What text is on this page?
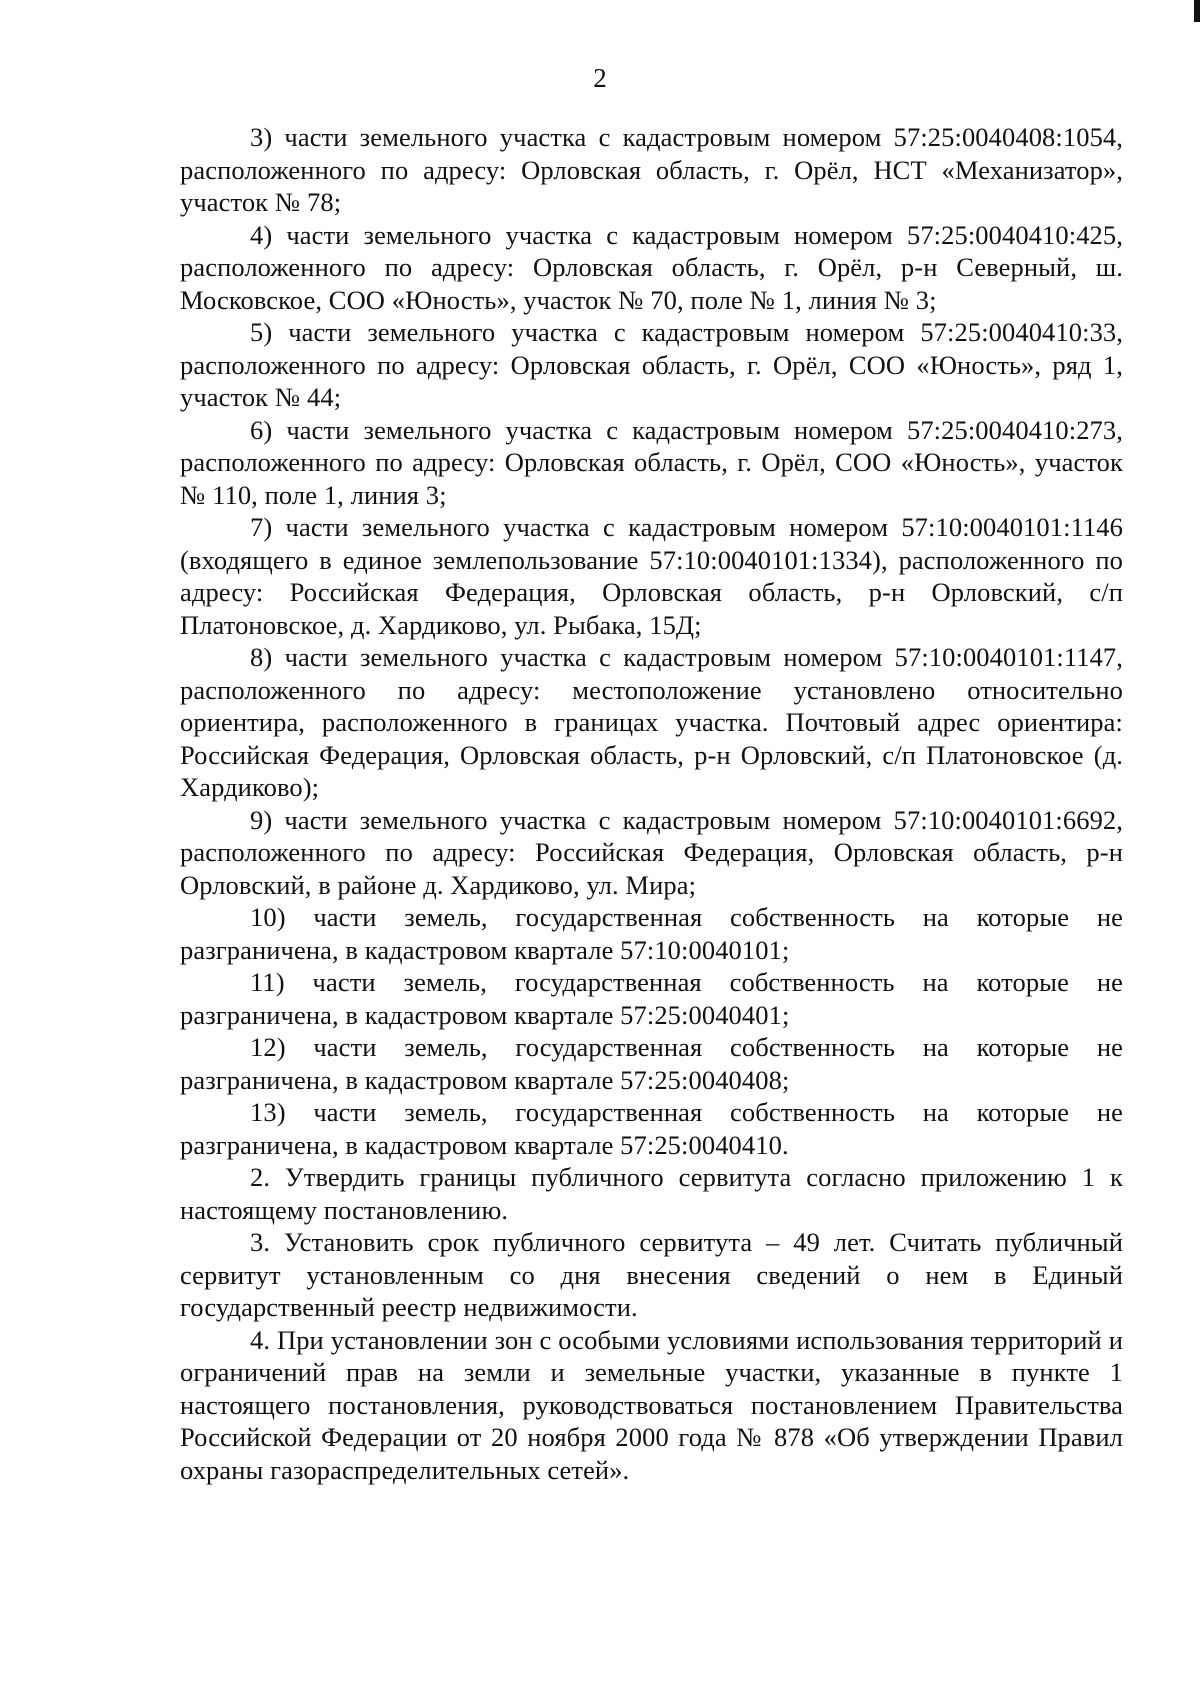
2

3) части земельного участка с кадастровым номером 57:25:0040408:1054, расположенного по адресу: Орловская область, г. Орёл, НСТ «Механизатор», участок № 78;

4) части земельного участка с кадастровым номером 57:25:0040410:425, расположенного по адресу: Орловская область, г. Орёл, р-н Северный, ш. Московское, СОО «Юность», участок № 70, поле № 1, линия № 3;

5) части земельного участка с кадастровым номером 57:25:0040410:33, расположенного по адресу: Орловская область, г. Орёл, СОО «Юность», ряд 1, участок № 44;

6) части земельного участка с кадастровым номером 57:25:0040410:273, расположенного по адресу: Орловская область, г. Орёл, СОО «Юность», участок № 110, поле 1, линия 3;

7) части земельного участка с кадастровым номером 57:10:0040101:1146 (входящего в единое землепользование 57:10:0040101:1334), расположенного по адресу: Российская Федерация, Орловская область, р-н Орловский, с/п Платоновское, д. Хардиково, ул. Рыбака, 15Д;

8) части земельного участка с кадастровым номером 57:10:0040101:1147, расположенного по адресу: местоположение установлено относительно ориентира, расположенного в границах участка. Почтовый адрес ориентира: Российская Федерация, Орловская область, р-н Орловский, с/п Платоновское (д. Хардиково);

9) части земельного участка с кадастровым номером 57:10:0040101:6692, расположенного по адресу: Российская Федерация, Орловская область, р-н Орловский, в районе д. Хардиково, ул. Мира;

10) части земель, государственная собственность на которые не разграничена, в кадастровом квартале 57:10:0040101;

11) части земель, государственная собственность на которые не разграничена, в кадастровом квартале 57:25:0040401;

12) части земель, государственная собственность на которые не разграничена, в кадастровом квартале 57:25:0040408;

13) части земель, государственная собственность на которые не разграничена, в кадастровом квартале 57:25:0040410.

2. Утвердить границы публичного сервитута согласно приложению 1 к настоящему постановлению.

3. Установить срок публичного сервитута – 49 лет. Считать публичный сервитут установленным со дня внесения сведений о нем в Единый государственный реестр недвижимости.

4. При установлении зон с особыми условиями использования территорий и ограничений прав на земли и земельные участки, указанные в пункте 1 настоящего постановления, руководствоваться постановлением Правительства Российской Федерации от 20 ноября 2000 года № 878 «Об утверждении Правил охраны газораспределительных сетей».
